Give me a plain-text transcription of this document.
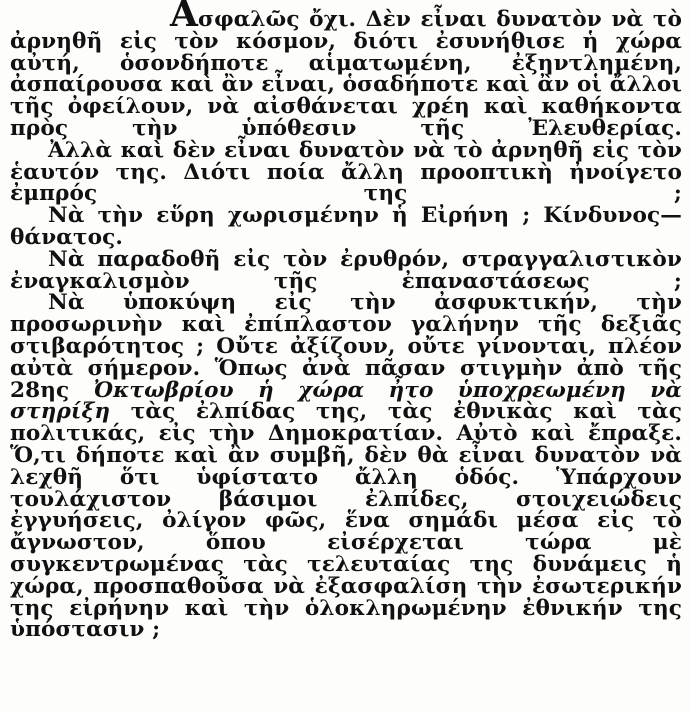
Ασφαλῶς ὄχι. Δὲν εἶναι δυνατὸν νὰ τὸ ἀρνηθῆ εἰς τὸν κόσμον, διότι ἐσυνήθισε ἡ χώρα αὐτή, ὁσονδήποτε αἱματωμένη, ἐξηντλημένη, ἀσπαίρουσα καὶ ἂν εἶναι, ὁσαδήποτε καὶ ἂν οἱ ἄλλοι τῆς ὀφείλουν, νὰ αἰσθάνεται χρέη καὶ καθήκοντα πρὸς τὴν ὑπόθεσιν τῆς Ἐλευθερίας.

Ἀλλὰ καὶ δὲν εἶναι δυνατὸν νὰ τὸ ἀρνηθῆ εἰς τὸν ἑαυτόν της. Διότι ποία ἄλλη προοπτικὴ ἠνοίγετο ἐμπρός της ;

Νὰ τὴν εὕρη χωρισμένην ἡ Εἰρήνη ; Κίνδυνος—θάνατος.

Νὰ παραδοθῆ εἰς τὸν ἐρυθρόν, στραγγαλιστικὸν ἐναγκαλισμὸν τῆς ἐπαναστάσεως ;

Νὰ ὑποκύψη εἰς τὴν ἀσφυκτικήν, τὴν προσωρινὴν καὶ ἐπίπλαστον γαλήνην τῆς δεξιᾶς στιβαρότητος ; Οὔτε ἀξίζουν, οὔτε γίνονται, πλέον αὐτὰ σήμερον. Ὅπως ἀνὰ πᾶσαν στιγμὴν ἀπὸ τῆς 28ης Ὀκτωβρίου ἡ χώρα ἦτο ὑποχρεωμένη νὰ στηρίξη τὰς ἐλπίδας της, τὰς ἐθνικὰς καὶ τὰς πολιτικάς, εἰς τὴν Δημοκρατίαν. Αὐτὸ καὶ ἔπραξε. Ὅ,τι δήποτε καὶ ἂν συμβῆ, δὲν θὰ εἶναι δυνατὸν νὰ λεχθῆ ὅτι ὑφίστατο ἄλλη ὁδός. Ὑπάρχουν τουλάχιστον βάσιμοι ἐλπίδες, στοιχειώδεις ἐγγυήσεις, ὀλίγον φῶς, ἕνα σημάδι μέσα εἰς τὸ ἄγνωστον, ὅπου εἰσέρχεται τώρα μὲ συγκεντρωμένας τὰς τελευταίας της δυνάμεις ἡ χώρα, προσπαθοῦσα νὰ ἐξασφαλίση τὴν ἐσωτερικήν της εἰρήνην καὶ τὴν ὁλοκληρωμένην ἐθνικήν της ὑπόστασιν ;
